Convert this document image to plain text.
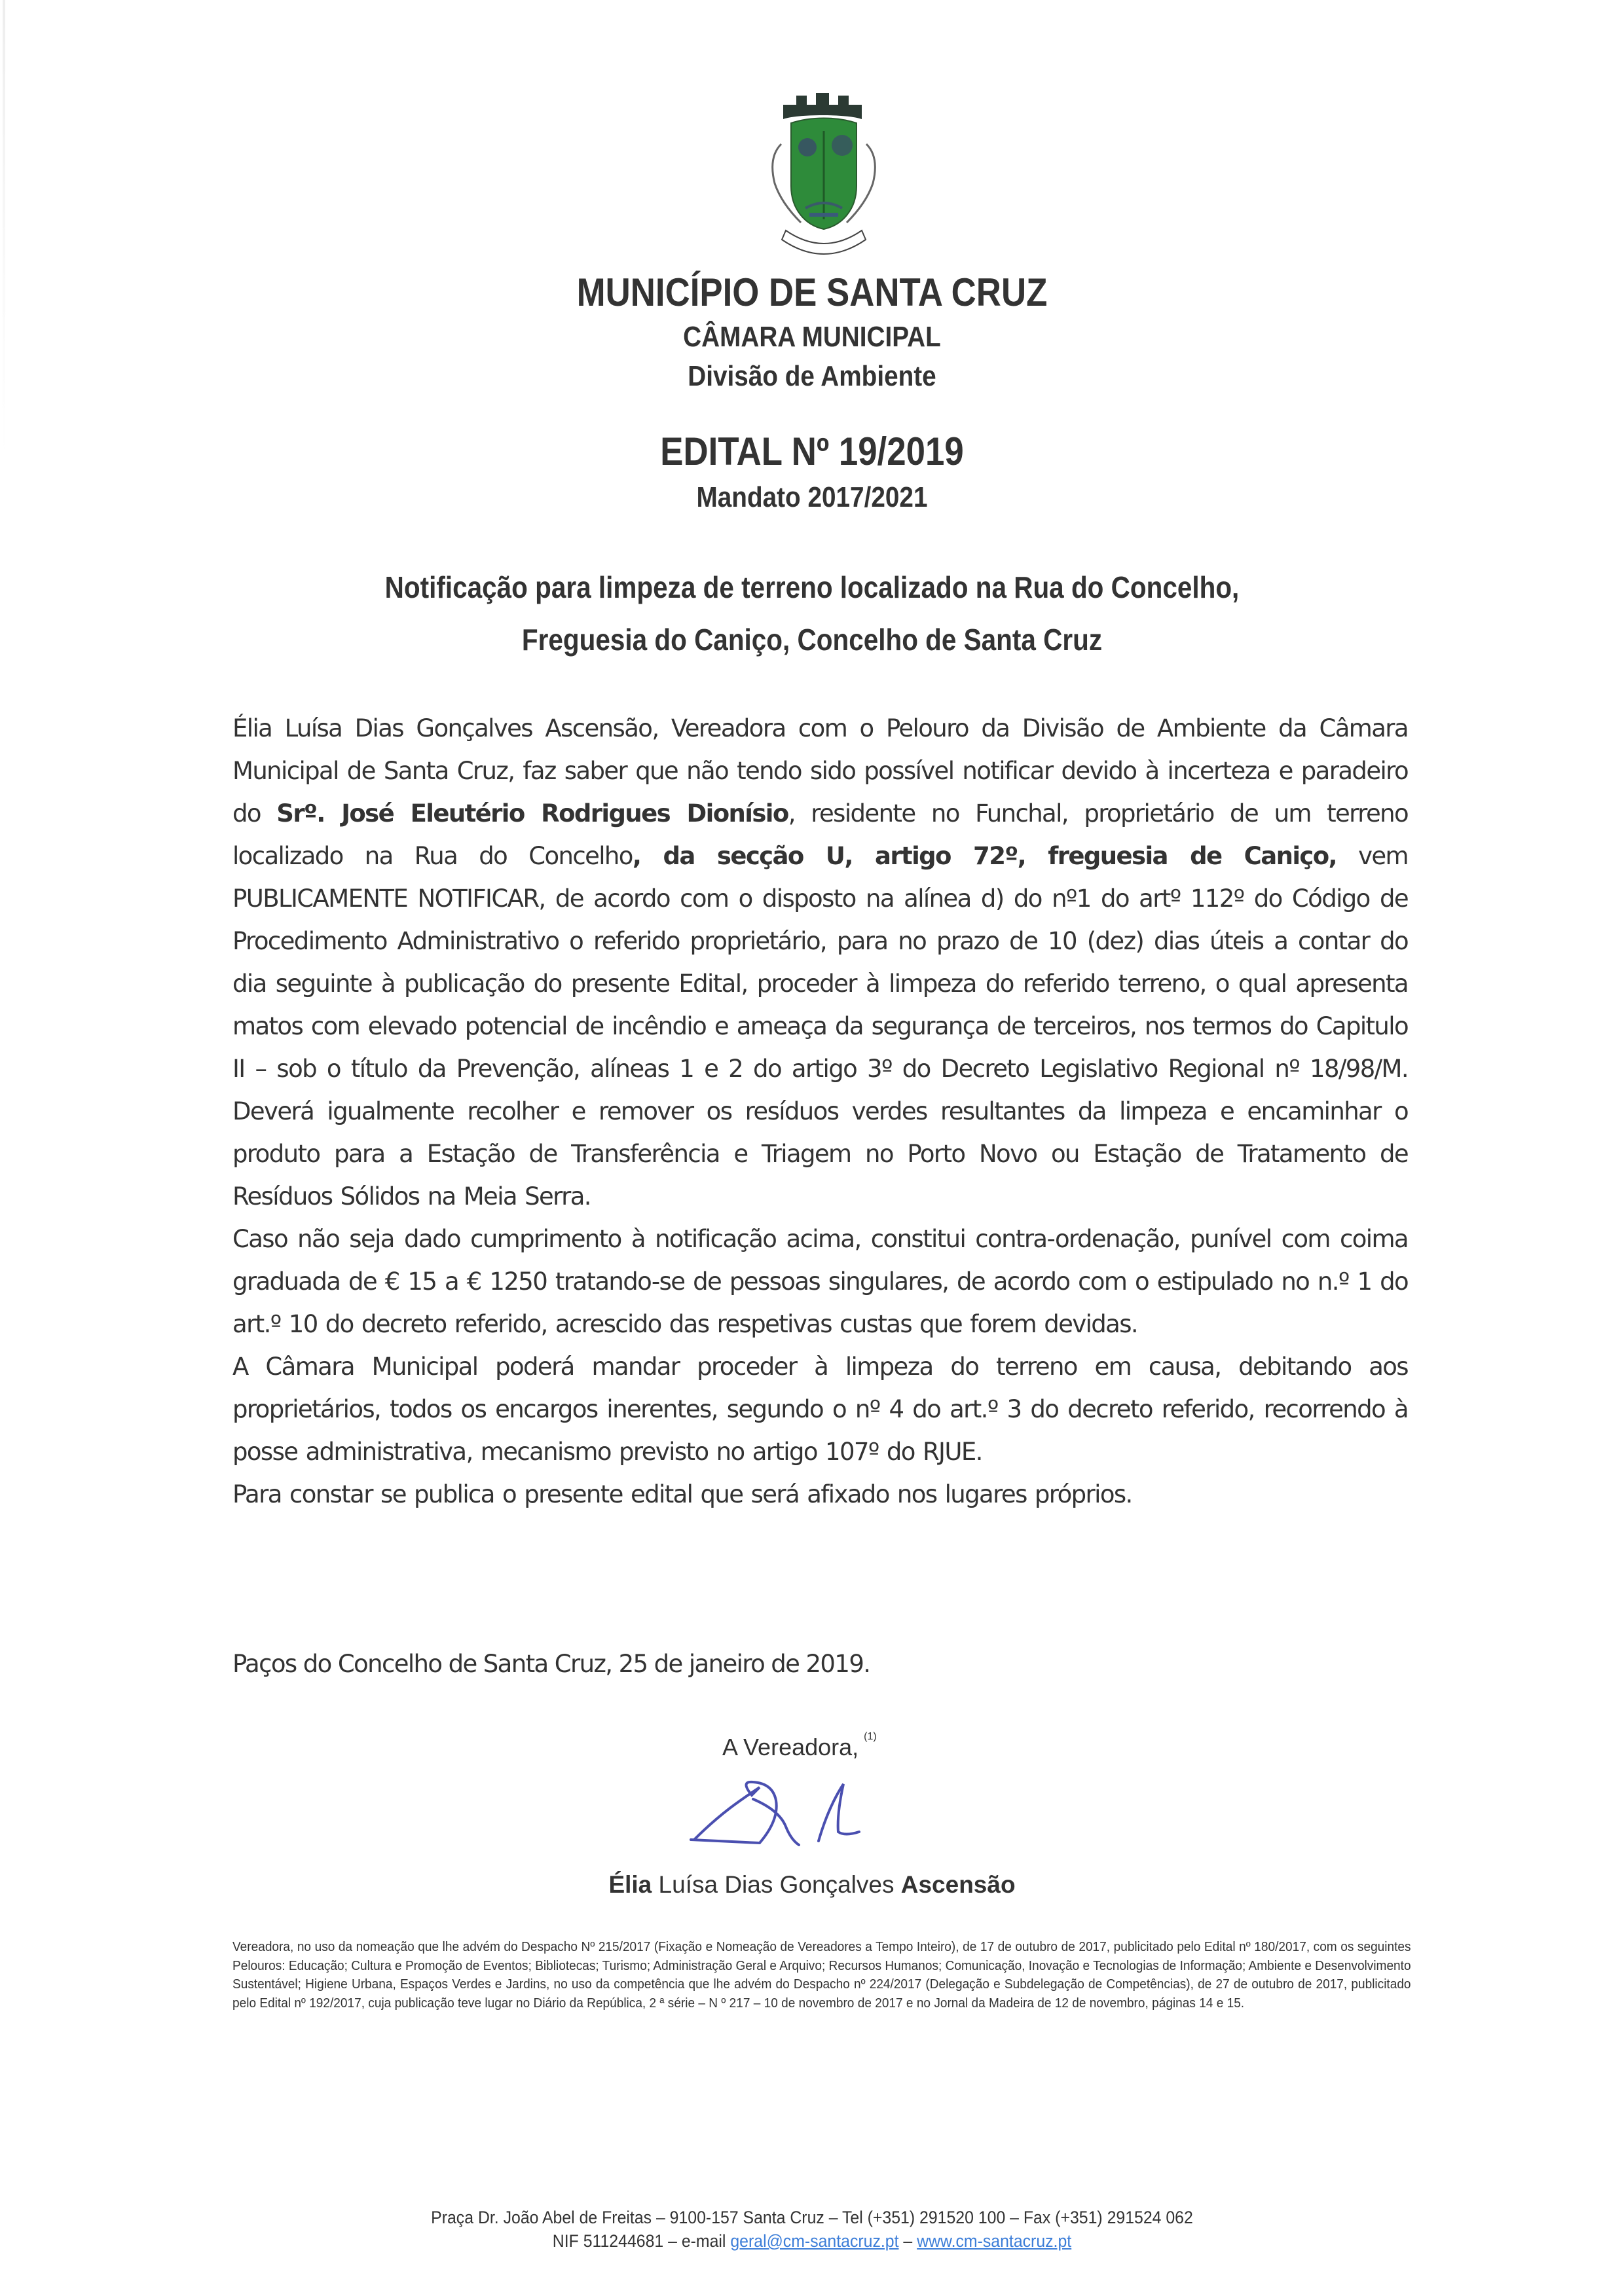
MUNICÍPIO DE SANTA CRUZ
CÂMARA MUNICIPAL
Divisão de Ambiente
EDITAL Nº 19/2019
Mandato 2017/2021
Notificação para limpeza de terreno localizado na Rua do Concelho,
Freguesia do Caniço, Concelho de Santa Cruz

Élia Luísa Dias Gonçalves Ascensão, Vereadora com o Pelouro da Divisão de Ambiente da Câmara Municipal de Santa Cruz, faz saber que não tendo sido possível notificar devido à incerteza e paradeiro do Srº. José Eleutério Rodrigues Dionísio, residente no Funchal, proprietário de um terreno localizado na Rua do Concelho, da secção U, artigo 72º, freguesia de Caniço, vem PUBLICAMENTE NOTIFICAR, de acordo com o disposto na alínea d) do nº1 do artº 112º do Código de Procedimento Administrativo o referido proprietário, para no prazo de 10 (dez) dias úteis a contar do dia seguinte à publicação do presente Edital, proceder à limpeza do referido terreno, o qual apresenta matos com elevado potencial de incêndio e ameaça da segurança de terceiros, nos termos do Capitulo II – sob o título da Prevenção, alíneas 1 e 2 do artigo 3º do Decreto Legislativo Regional nº 18/98/M. Deverá igualmente recolher e remover os resíduos verdes resultantes da limpeza e encaminhar o produto para a Estação de Transferência e Triagem no Porto Novo ou Estação de Tratamento de Resíduos Sólidos na Meia Serra.

Caso não seja dado cumprimento à notificação acima, constitui contra-ordenação, punível com coima graduada de € 15 a € 1250 tratando-se de pessoas singulares, de acordo com o estipulado no n.º 1 do art.º 10 do decreto referido, acrescido das respetivas custas que forem devidas.

A Câmara Municipal poderá mandar proceder à limpeza do terreno em causa, debitando aos proprietários, todos os encargos inerentes, segundo o nº 4 do art.º 3 do decreto referido, recorrendo à posse administrativa, mecanismo previsto no artigo 107º do RJUE.

Para constar se publica o presente edital que será afixado nos lugares próprios.

Paços do Concelho de Santa Cruz, 25 de janeiro de 2019.
A Vereadora, $^{(1)}$
Élia Luísa Dias Gonçalves Ascensão
Vereadora, no uso da nomeação que lhe advém do Despacho Nº 215/2017 (Fixação e Nomeação de Vereadores a Tempo Inteiro), de 17 de outubro de 2017, publicitado pelo Edital nº 180/2017, com os seguintes Pelouros: Educação; Cultura e Promoção de Eventos; Bibliotecas; Turismo; Administração Geral e Arquivo; Recursos Humanos; Comunicação, Inovação e Tecnologias de Informação; Ambiente e Desenvolvimento Sustentável; Higiene Urbana, Espaços Verdes e Jardins, no uso da competência que lhe advém do Despacho nº 224/2017 (Delegação e Subdelegação de Competências), de 27 de outubro de 2017, publicitado pelo Edital nº 192/2017, cuja publicação teve lugar no Diário da República, 2 ª série – N º 217 – 10 de novembro de 2017 e no Jornal da Madeira de 12 de novembro, páginas 14 e 15.
Praça Dr. João Abel de Freitas – 9100-157 Santa Cruz – Tel (+351) 291520 100 – Fax (+351) 291524 062
NIF 511244681 – e-mail geral@cm-santacruz.pt – www.cm-santacruz.pt
